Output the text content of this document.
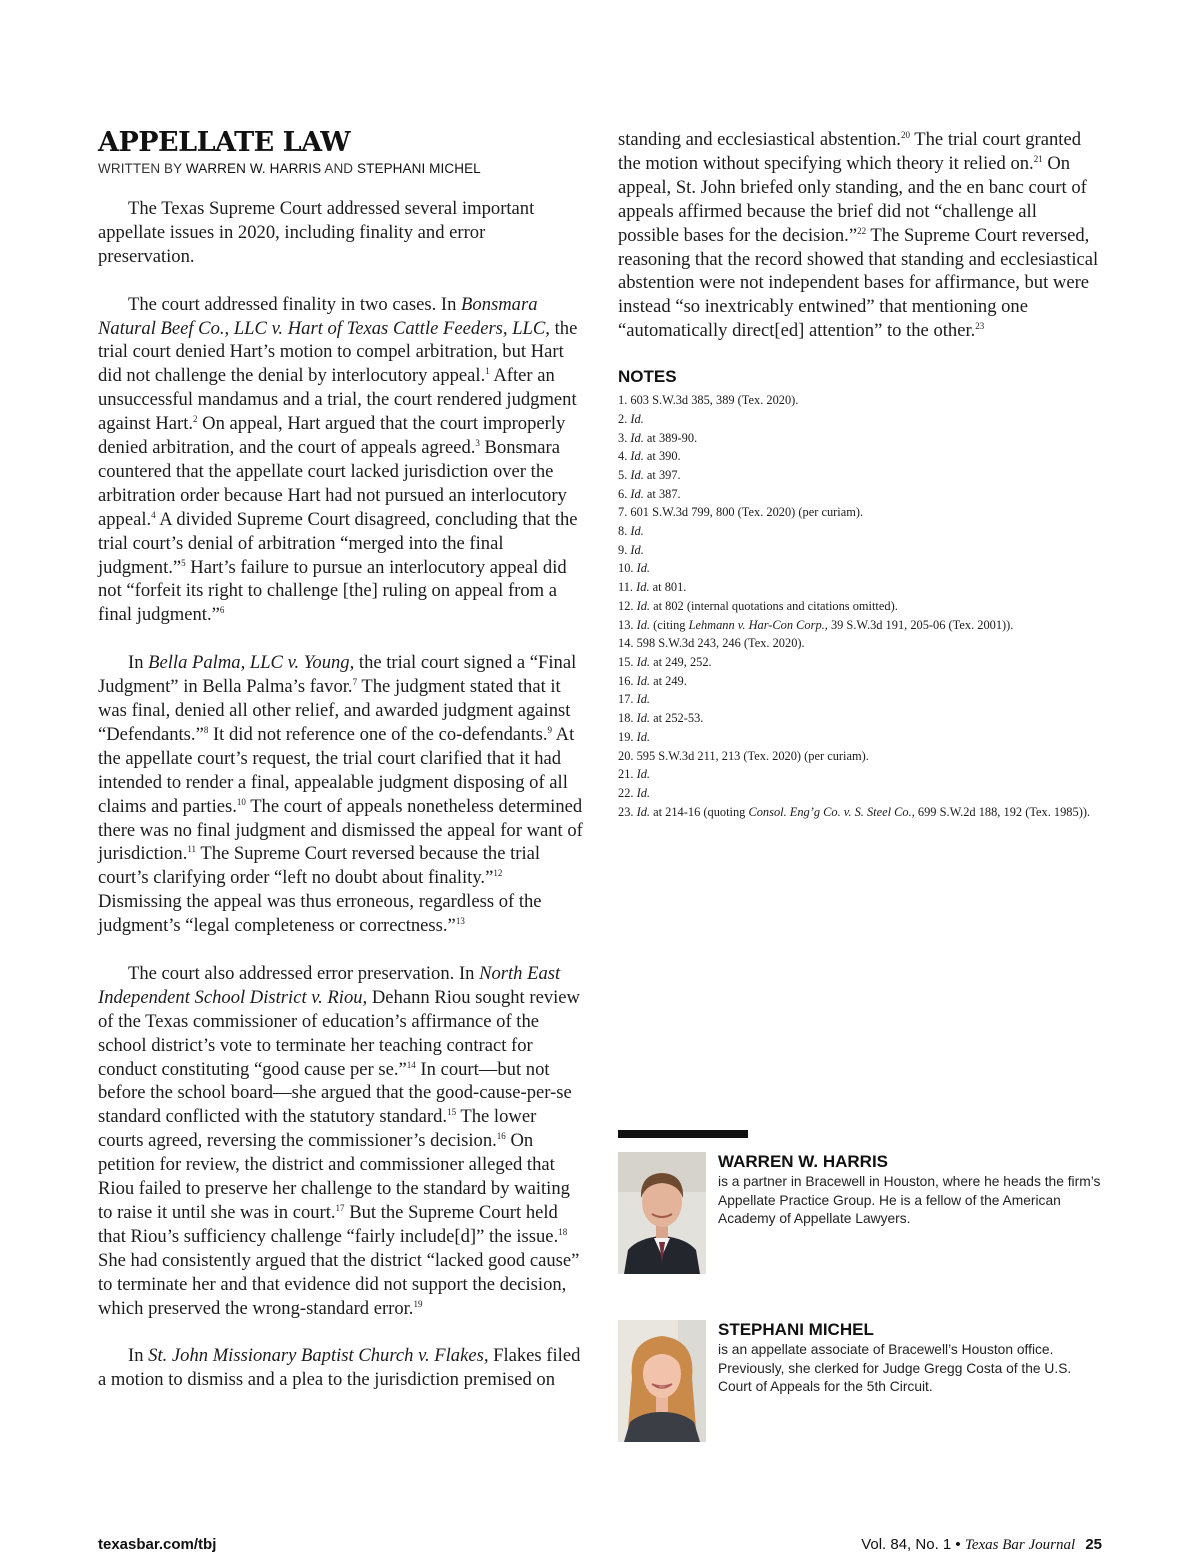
APPELLATE LAW
WRITTEN BY WARREN W. HARRIS AND STEPHANI MICHEL

The Texas Supreme Court addressed several important appellate issues in 2020, including finality and error preservation.

The court addressed finality in two cases. In Bonsmara Natural Beef Co., LLC v. Hart of Texas Cattle Feeders, LLC, the trial court denied Hart’s motion to compel arbitration, but Hart did not challenge the denial by interlocutory appeal.$^1$ After an unsuccessful mandamus and a trial, the court rendered judgment against Hart.$^2$ On appeal, Hart argued that the court improperly denied arbitration, and the court of appeals agreed.$^3$ Bonsmara countered that the appellate court lacked jurisdiction over the arbitration order because Hart had not pursued an interlocutory appeal.$^4$ A divided Supreme Court disagreed, concluding that the trial court’s denial of arbitration “merged into the final judgment.”$^5$ Hart’s failure to pursue an interlocutory appeal did not “forfeit its right to challenge [the] ruling on appeal from a final judgment.”$^6$

In Bella Palma, LLC v. Young, the trial court signed a “Final Judgment” in Bella Palma’s favor.$^7$ The judgment stated that it was final, denied all other relief, and awarded judgment against “Defendants.”$^8$ It did not reference one of the co-defendants.$^9$ At the appellate court’s request, the trial court clarified that it had intended to render a final, appealable judgment disposing of all claims and parties.$^{10}$ The court of appeals nonetheless determined there was no final judgment and dismissed the appeal for want of jurisdiction.$^{11}$ The Supreme Court reversed because the trial court’s clarifying order “left no doubt about finality.”$^{12}$ Dismissing the appeal was thus erroneous, regardless of the judgment’s “legal completeness or correctness.”$^{13}$

The court also addressed error preservation. In North East Independent School District v. Riou, Dehann Riou sought review of the Texas commissioner of education’s affirmance of the school district’s vote to terminate her teaching contract for conduct constituting “good cause per se.”$^{14}$ In court—but not before the school board—she argued that the good-cause-per-se standard conflicted with the statutory standard.$^{15}$ The lower courts agreed, reversing the commissioner’s decision.$^{16}$ On petition for review, the district and commissioner alleged that Riou failed to preserve her challenge to the standard by waiting to raise it until she was in court.$^{17}$ But the Supreme Court held that Riou’s sufficiency challenge “fairly include[d]” the issue.$^{18}$ She had consistently argued that the district “lacked good cause” to terminate her and that evidence did not support the decision, which preserved the wrong-standard error.$^{19}$

In St. John Missionary Baptist Church v. Flakes, Flakes filed a motion to dismiss and a plea to the jurisdiction premised on

standing and ecclesiastical abstention.$^{20}$ The trial court granted the motion without specifying which theory it relied on.$^{21}$ On appeal, St. John briefed only standing, and the en banc court of appeals affirmed because the brief did not “challenge all possible bases for the decision.”$^{22}$ The Supreme Court reversed, reasoning that the record showed that standing and ecclesiastical abstention were not independent bases for affirmance, but were instead “so inextricably entwined” that mentioning one “automatically direct[ed] attention” to the other.$^{23}$

NOTES
1. 603 S.W.3d 385, 389 (Tex. 2020).
2. Id.
3. Id. at 389-90.
4. Id. at 390.
5. Id. at 397.
6. Id. at 387.
7. 601 S.W.3d 799, 800 (Tex. 2020) (per curiam).
8. Id.
9. Id.
10. Id.
11. Id. at 801.
12. Id. at 802 (internal quotations and citations omitted).
13. Id. (citing Lehmann v. Har-Con Corp., 39 S.W.3d 191, 205-06 (Tex. 2001)).
14. 598 S.W.3d 243, 246 (Tex. 2020).
15. Id. at 249, 252.
16. Id. at 249.
17. Id.
18. Id. at 252-53.
19. Id.
20. 595 S.W.3d 211, 213 (Tex. 2020) (per curiam).
21. Id.
22. Id.
23. Id. at 214-16 (quoting Consol. Eng’g Co. v. S. Steel Co., 699 S.W.2d 188, 192 (Tex. 1985)).
WARREN W. HARRIS
is a partner in Bracewell in Houston, where he heads the firm’s Appellate Practice Group. He is a fellow of the American Academy of Appellate Lawyers.
STEPHANI MICHEL
is an appellate associate of Bracewell’s Houston office. Previously, she clerked for Judge Gregg Costa of the U.S. Court of Appeals for the 5th Circuit.
texasbar.com/tbj	Vol. 84, No. 1 • Texas Bar Journal 25
